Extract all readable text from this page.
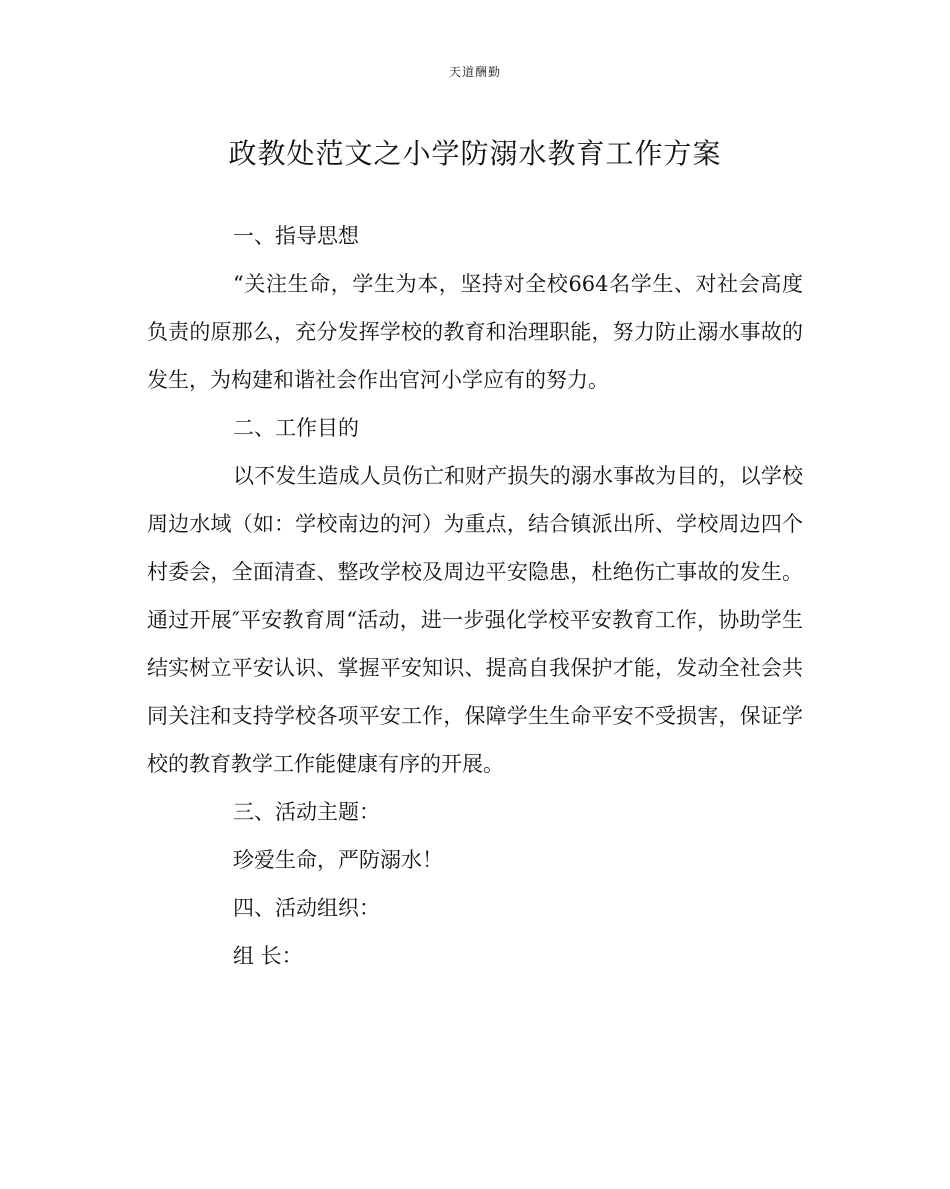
天道酬勤
政教处范文之小学防溺水教育工作方案

一、指导思想

“关注生命，学生为本，坚持对全校664名学生、对社会高度负责的原那么，充分发挥学校的教育和治理职能，努力防止溺水事故的发生，为构建和谐社会作出官河小学应有的努力。

二、工作目的

以不发生造成人员伤亡和财产损失的溺水事故为目的，以学校周边水域（如：学校南边的河）为重点，结合镇派出所、学校周边四个村委会，全面清查、整改学校及周边平安隐患，杜绝伤亡事故的发生。通过开展″平安教育周“活动，进一步强化学校平安教育工作，协助学生结实树立平安认识、掌握平安知识、提高自我保护才能，发动全社会共同关注和支持学校各项平安工作，保障学生生命平安不受损害，保证学校的教育教学工作能健康有序的开展。

三、活动主题：

珍爱生命，严防溺水！

四、活动组织：

组 长：
